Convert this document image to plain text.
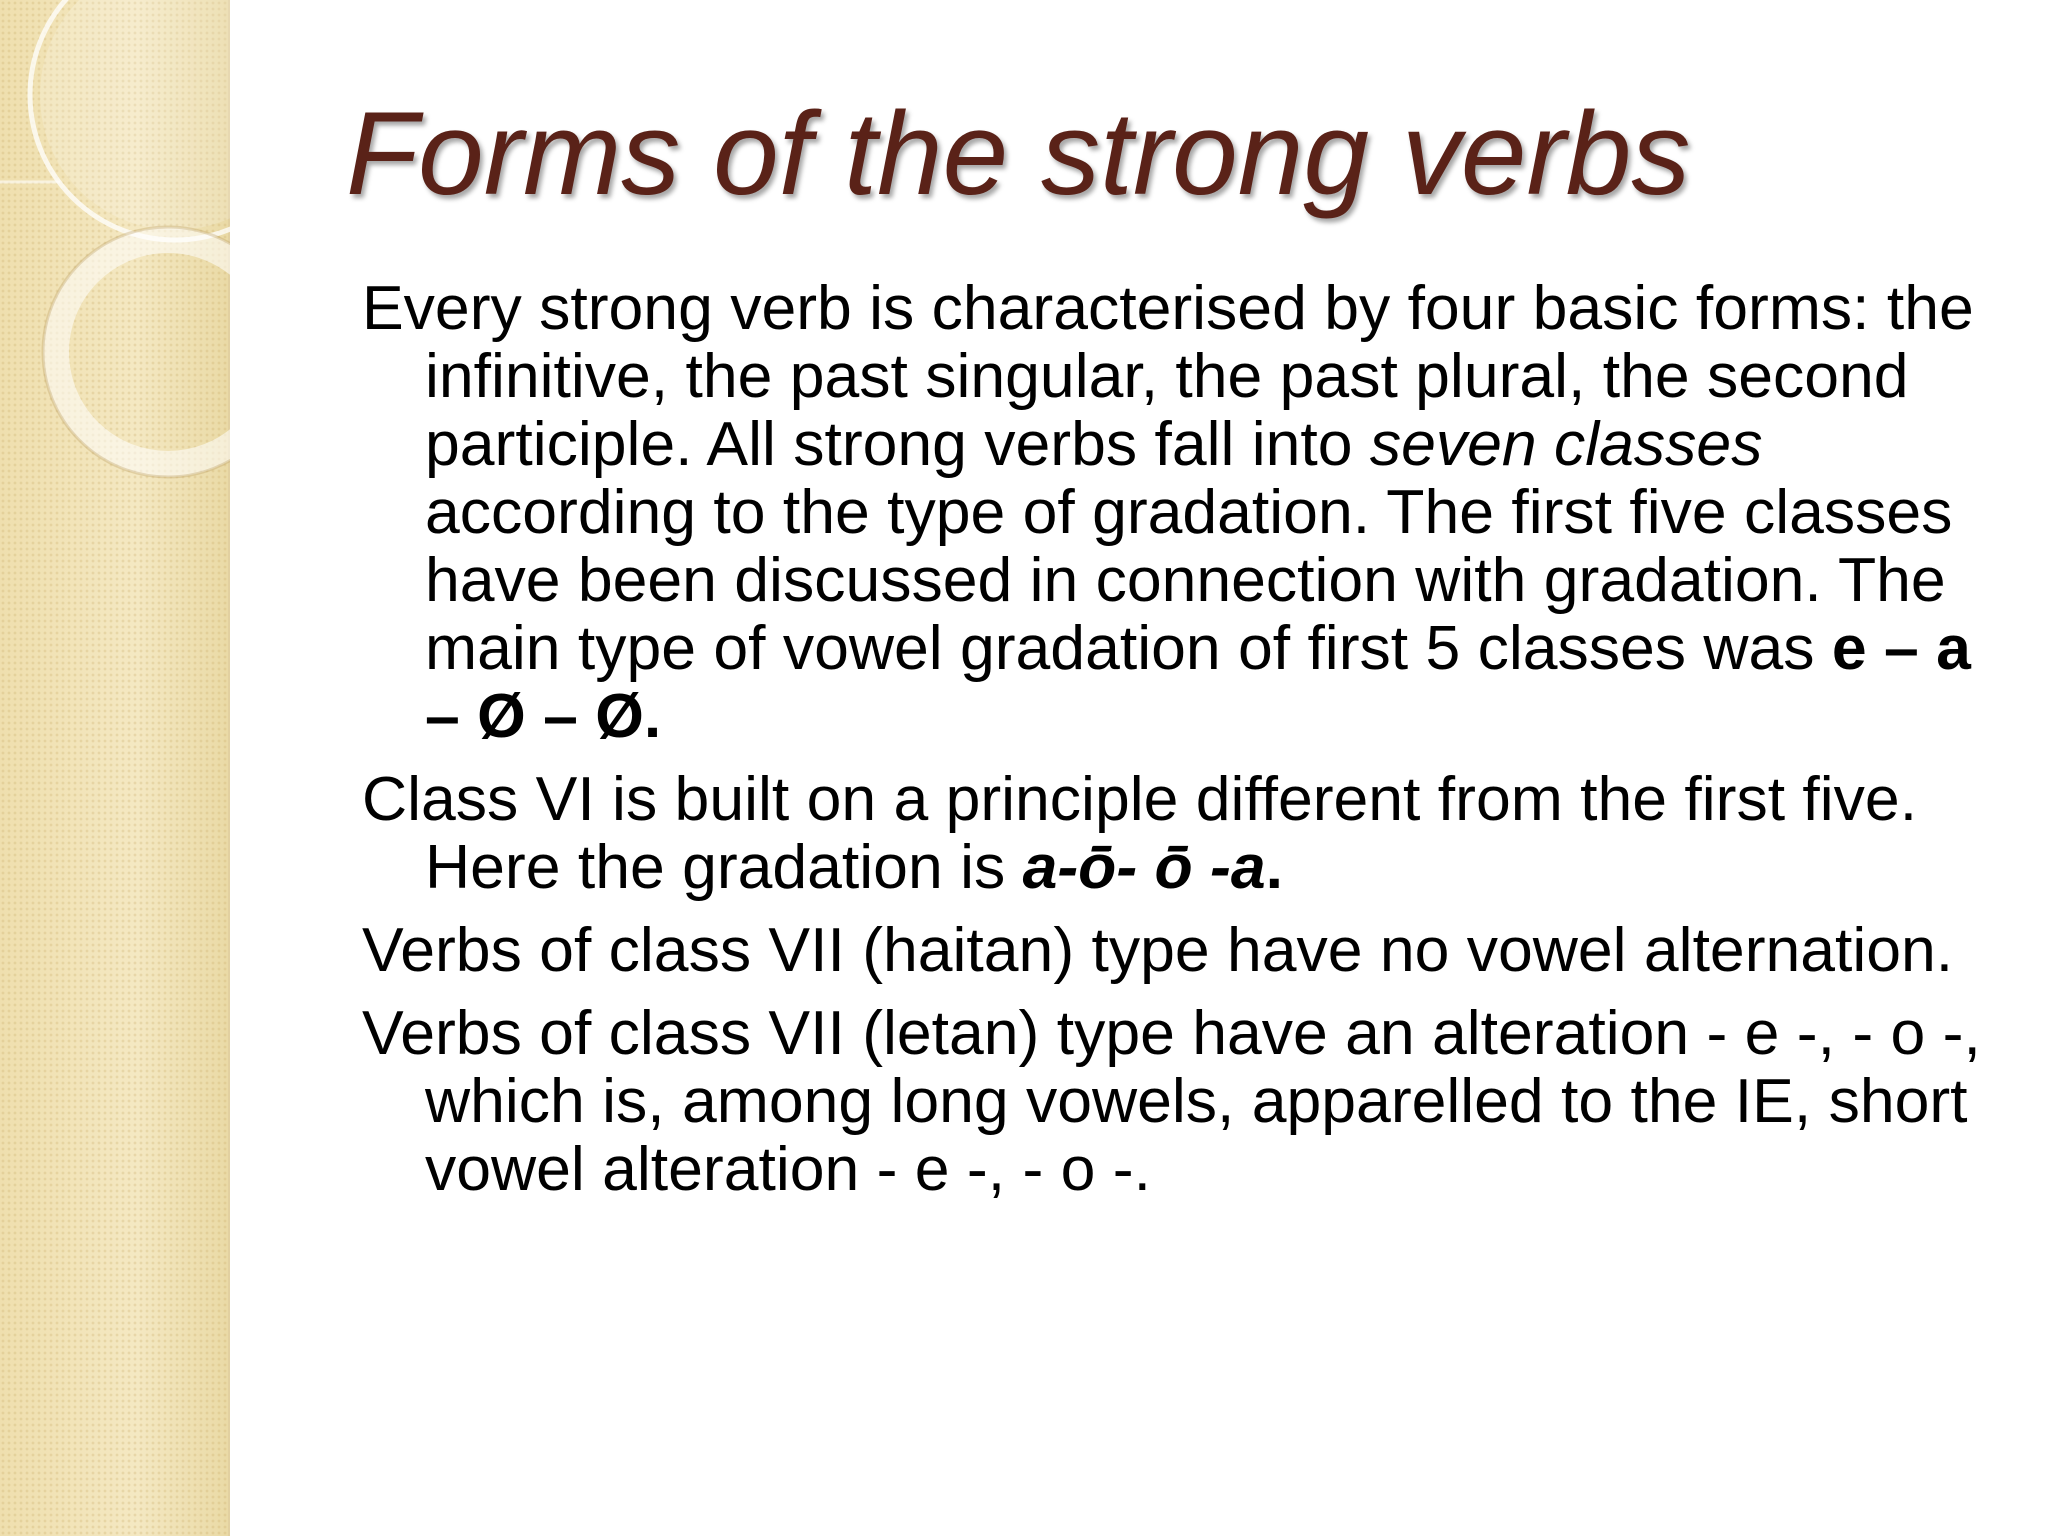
Forms of the strong verbs

Every strong verb is characterised by four basic forms: the infinitive, the past singular, the past plural, the second participle. All strong verbs fall into seven classes according to the type of gradation. The first five classes have been discussed in connection with gradation. The main type of vowel gradation of first 5 classes was e – a – Ø – Ø.

Class VI is built on a principle different from the first five. Here the gradation is a-ō̄- ō̄ -a.

Verbs of class VII (haitan) type have no vowel alternation.

Verbs of class VII (letan) type have an alteration - e -, - o -, which is, among long vowels, apparelled to the IE, short vowel alteration - e -, - o -.
